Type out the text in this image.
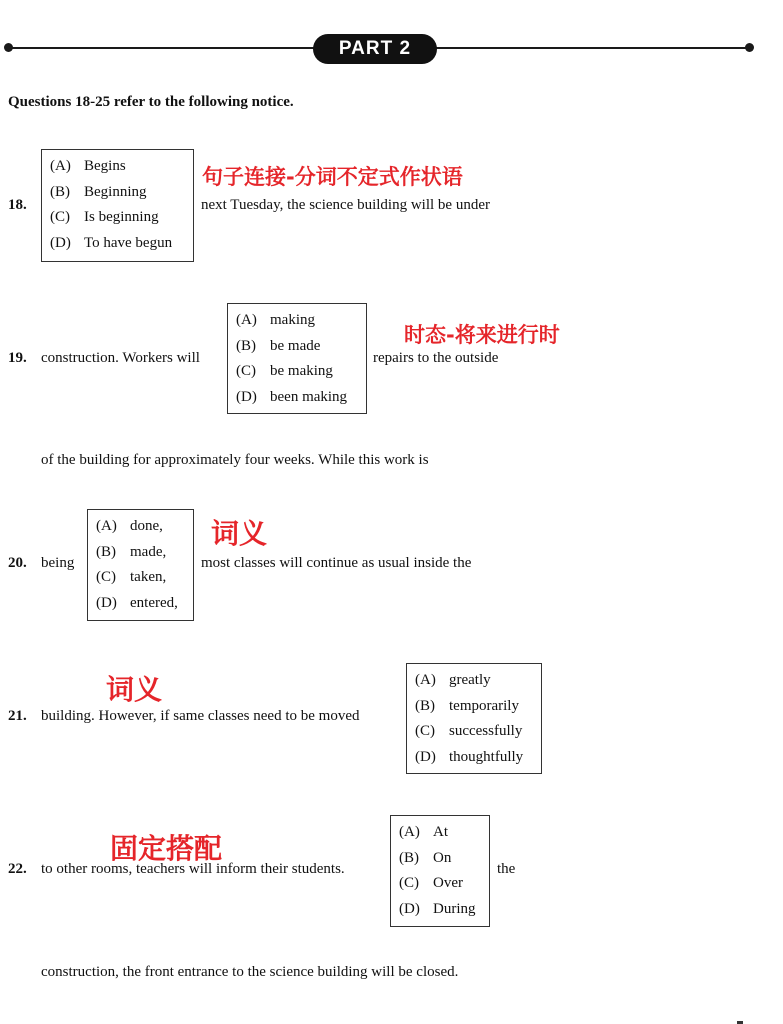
PART 2
Questions 18-25 refer to the following notice.
18.
(A) Begins
(B) Beginning
(C) Is beginning
(D) To have begun
next Tuesday, the science building will be under
句子连接-分词不定式作状语
19. construction. Workers will
(A) making
(B) be made
(C) be making
(D) been making
repairs to the outside
时态-将来进行时
of the building for approximately four weeks. While this work is
20. being
(A) done,
(B) made,
(C) taken,
(D) entered,
most classes will continue as usual inside the
词义
21. building. However, if same classes need to be moved
(A) greatly
(B) temporarily
(C) successfully
(D) thoughtfully
词义
22. to other rooms, teachers will inform their students.
(A) At
(B) On
(C) Over
(D) During
the
固定搭配
construction, the front entrance to the science building will be closed.
